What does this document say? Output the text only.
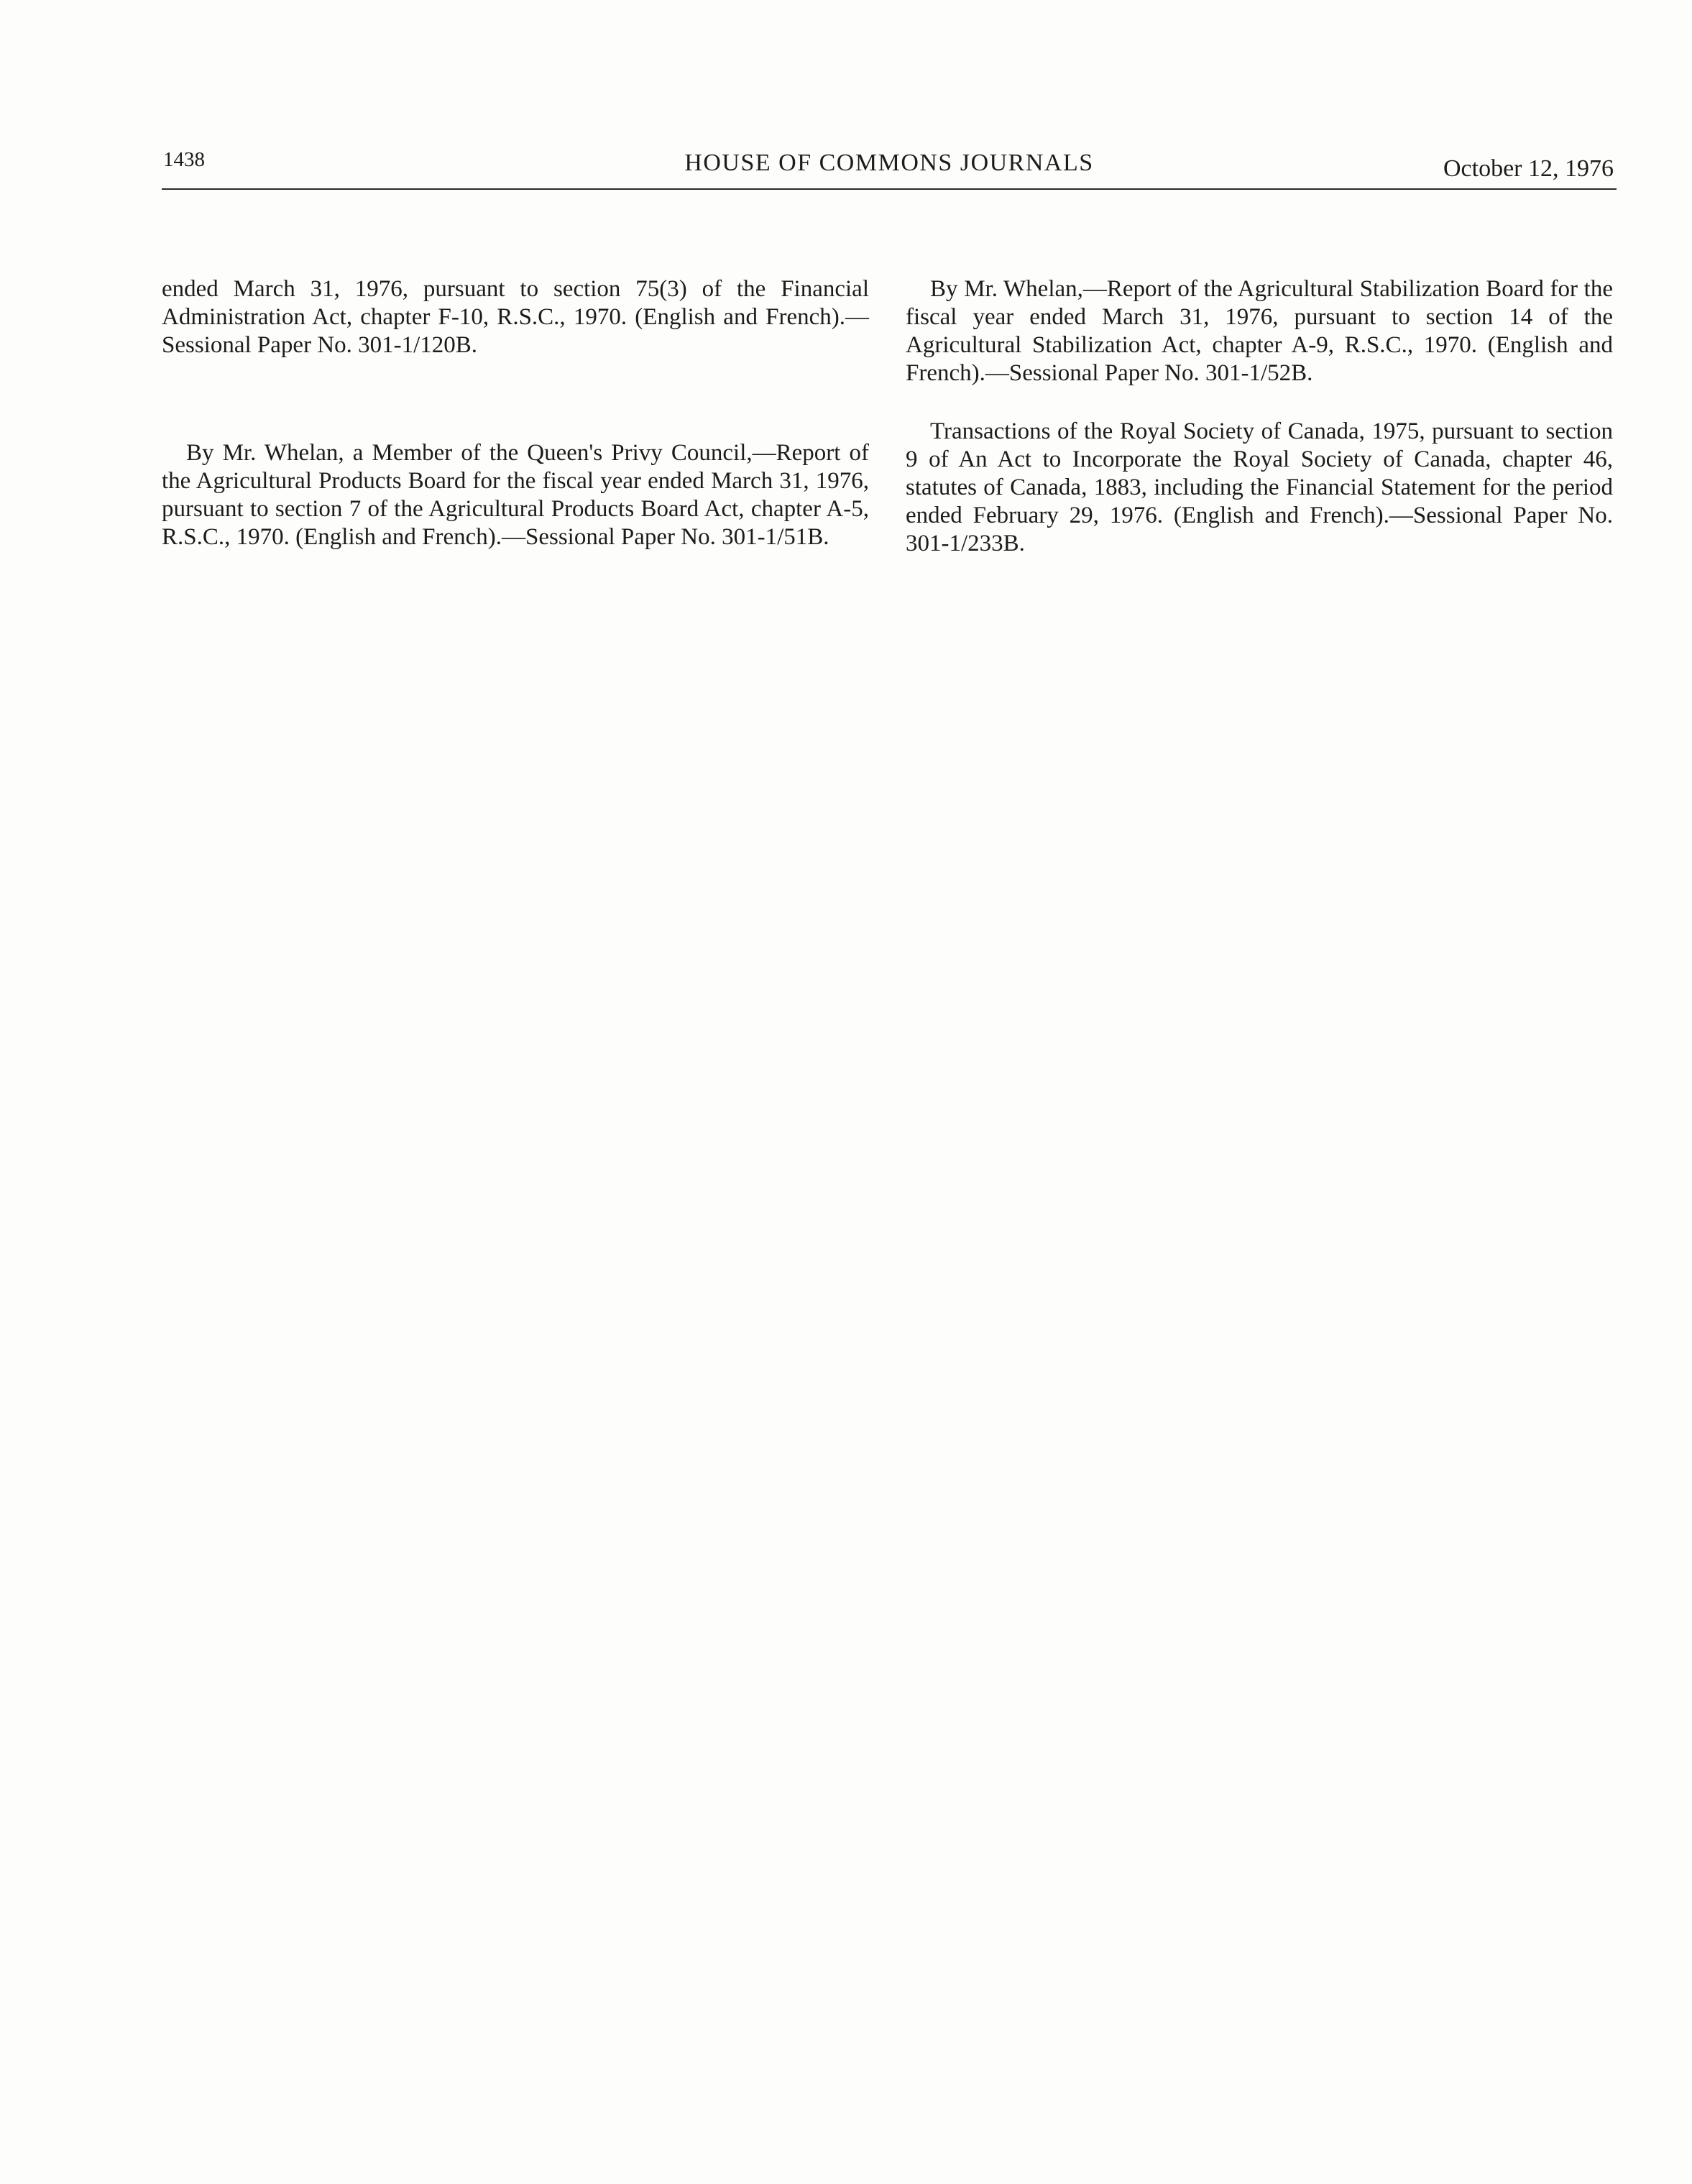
1438	HOUSE OF COMMONS JOURNALS	October 12, 1976

ended March 31, 1976, pursuant to section 75(3) of the Financial Administration Act, chapter F-10, R.S.C., 1970. (English and French).—Sessional Paper No. 301-1/120B.

By Mr. Whelan, a Member of the Queen's Privy Council,—Report of the Agricultural Products Board for the fiscal year ended March 31, 1976, pursuant to section 7 of the Agricultural Products Board Act, chapter A-5, R.S.C., 1970. (English and French).—Sessional Paper No. 301-1/51B.

By Mr. Whelan,—Report of the Agricultural Stabilization Board for the fiscal year ended March 31, 1976, pursuant to section 14 of the Agricultural Stabilization Act, chapter A-9, R.S.C., 1970. (English and French).—Sessional Paper No. 301-1/52B.

Transactions of the Royal Society of Canada, 1975, pursuant to section 9 of An Act to Incorporate the Royal Society of Canada, chapter 46, statutes of Canada, 1883, including the Financial Statement for the period ended February 29, 1976. (English and French).—Sessional Paper No. 301-1/233B.
